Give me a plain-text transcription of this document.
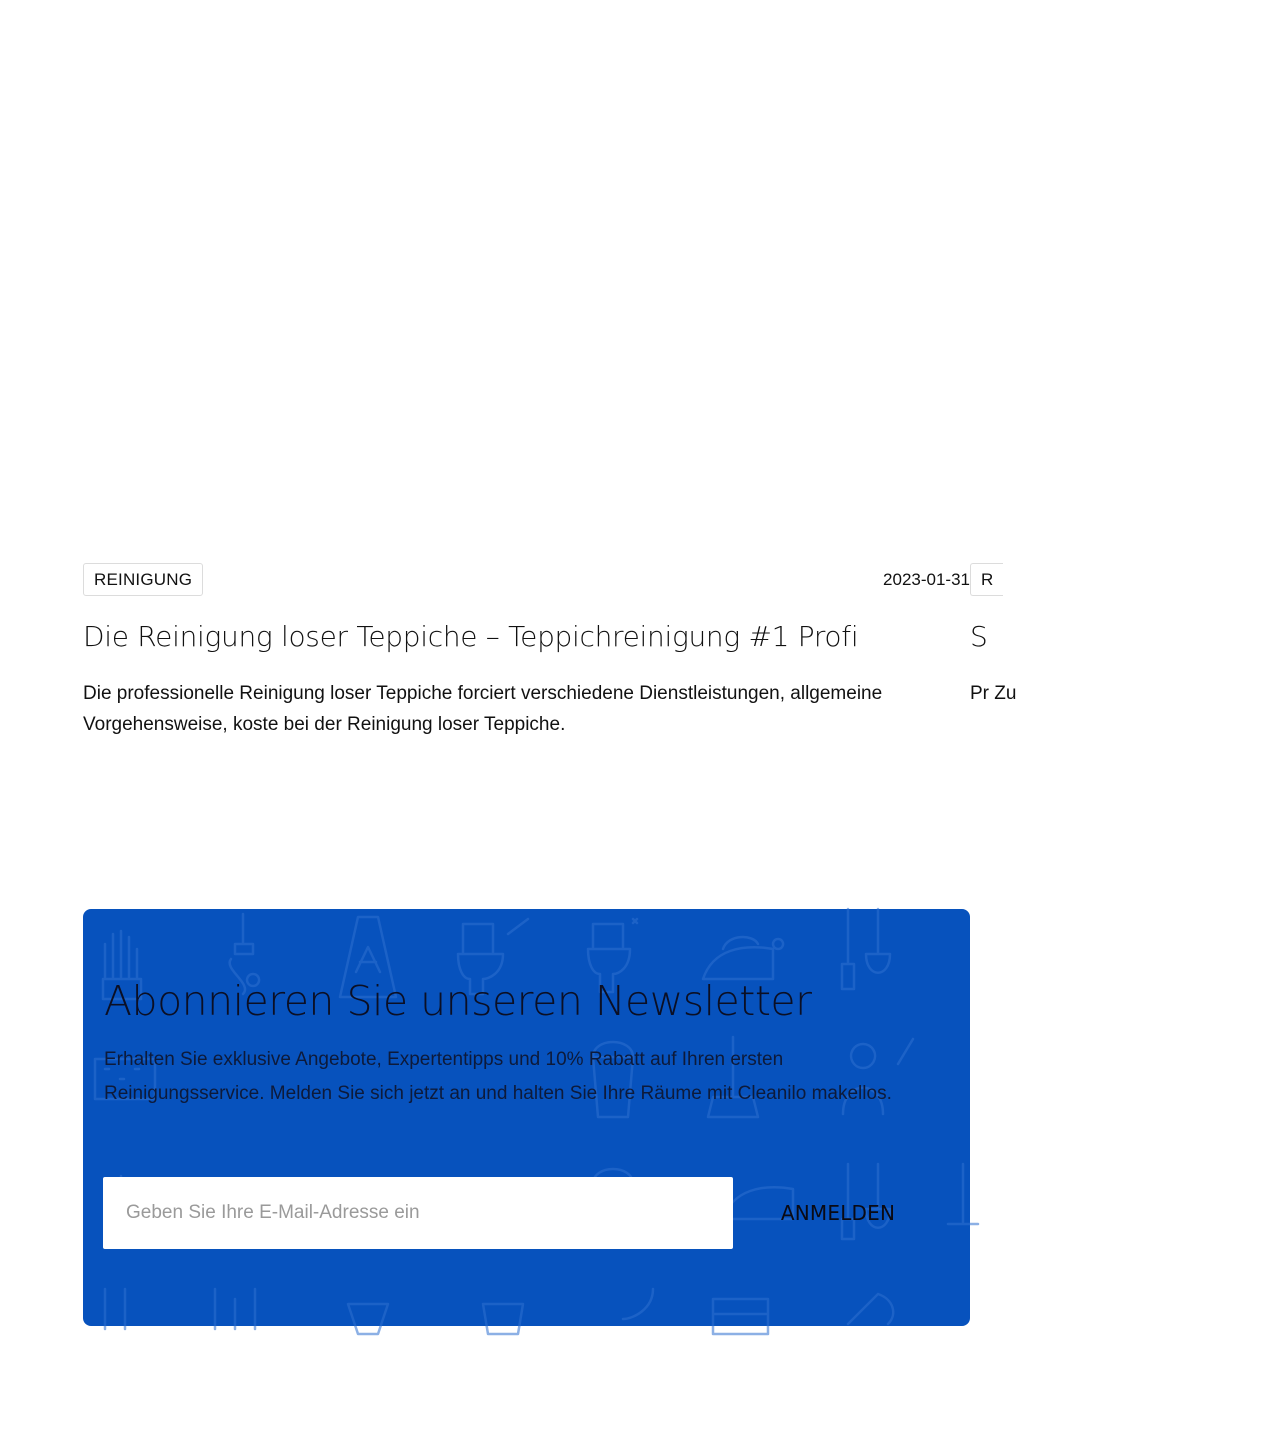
REINIGUNG	2023-01-31
Die Reinigung loser Teppiche – Teppichreinigung #1 Profi

Die professionelle Reinigung loser Teppiche forciert verschiedene Dienstleistungen, allgemeine Vorgehensweise, koste bei der Reinigung loser Teppiche.

R
S

Pr Zu

Abonnieren Sie unseren Newsletter

Erhalten Sie exklusive Angebote, Expertentipps und 10% Rabatt auf Ihren ersten Reinigungsservice. Melden Sie sich jetzt an und halten Sie Ihre Räume mit Cleanilo makellos.

Geben Sie Ihre E-Mail-Adresse ein
ANMELDEN
